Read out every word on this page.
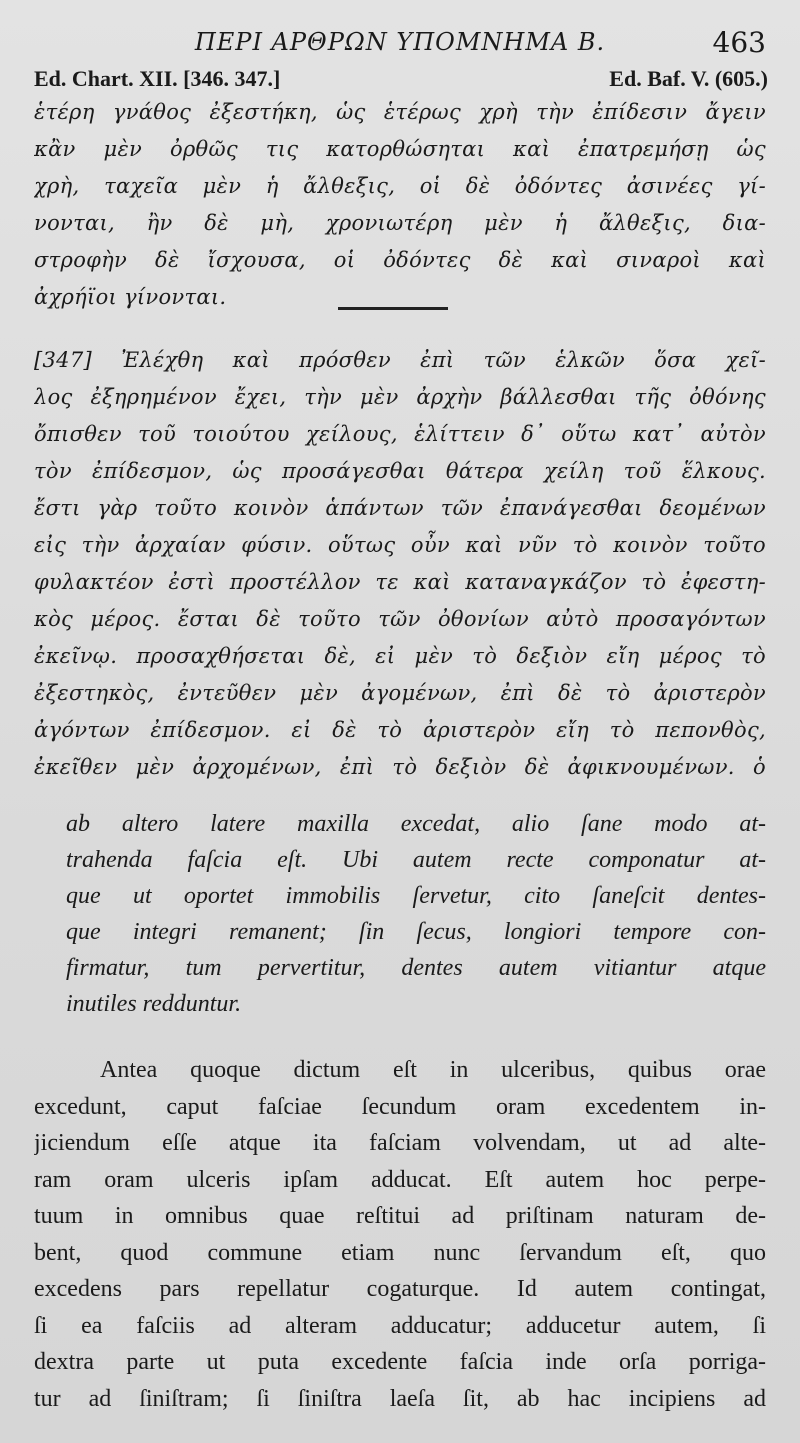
ΠΕΡΙ ΑΡΘΡΩΝ ΥΠΟΜΝΗΜΑ Β.	463
Ed. Chart. XII. [346. 347.]	Ed. Baf. V. (605.)
ἑτέρη γνάθος ἐξεστήκη, ὡς ἑτέρως χρὴ τὴν ἐπίδεσιν ἄγειν
κἂν μὲν ὀρθῶς τις κατορθώσηται καὶ ἐπατρεμήσῃ ὡς
χρὴ, ταχεῖα μὲν ἡ ἄλθεξις, οἱ δὲ ὀδόντες ἀσινέες γί-
νονται, ἢν δὲ μὴ, χρονιωτέρη μὲν ἡ ἄλθεξις, δια-
στροφὴν δὲ ἴσχουσα, οἱ ὀδόντες δὲ καὶ σιναροὶ καὶ
ἀχρήϊοι γίνονται.
[347] Ἐλέχθη καὶ πρόσθεν ἐπὶ τῶν ἑλκῶν ὅσα χεῖ-
λος ἐξηρημένον ἔχει, τὴν μὲν ἀρχὴν βάλλεσθαι τῆς ὀθόνης
ὄπισθεν τοῦ τοιούτου χείλους, ἑλίττειν δ᾽ οὕτω κατ᾽ αὐτὸν
τὸν ἐπίδεσμον, ὡς προσάγεσθαι θάτερα χείλη τοῦ ἕλκους.
ἔστι γὰρ τοῦτο κοινὸν ἁπάντων τῶν ἐπανάγεσθαι δεομένων
εἰς τὴν ἀρχαίαν φύσιν. οὕτως οὖν καὶ νῦν τὸ κοινὸν τοῦτο
φυλακτέον ἐστὶ προστέλλον τε καὶ καταναγκάζον τὸ ἐφεστη-
κὸς μέρος. ἔσται δὲ τοῦτο τῶν ὀθονίων αὐτὸ προσαγόντων
ἐκεῖνῳ. προσαχθήσεται δὲ, εἰ μὲν τὸ δεξιὸν εἴη μέρος τὸ
ἐξεστηκὸς, ἐντεῦθεν μὲν ἀγομένων, ἐπὶ δὲ τὸ ἀριστερὸν
ἀγόντων ἐπίδεσμον. εἰ δὲ τὸ ἀριστερὸν εἴη τὸ πεπονθὸς,
ἐκεῖθεν μὲν ἀρχομένων, ἐπὶ τὸ δεξιὸν δὲ ἀφικνουμένων. ὁ
ab altero latere maxilla excedat, alio ſane modo at-
trahenda faſcia eſt. Ubi autem recte componatur at-
que ut oportet immobilis ſervetur, cito ſaneſcit dentes-
que integri remanent; ſin ſecus, longiori tempore con-
firmatur, tum pervertitur, dentes autem vitiantur atque
inutiles redduntur.
Antea quoque dictum eſt in ulceribus, quibus orae
excedunt, caput faſciae ſecundum oram excedentem in-
jiciendum eſſe atque ita faſciam volvendam, ut ad alte-
ram oram ulceris ipſam adducat. Eſt autem hoc perpe-
tuum in omnibus quae reſtitui ad priſtinam naturam de-
bent, quod commune etiam nunc ſervandum eſt, quo
excedens pars repellatur cogaturque. Id autem contingat,
ſi ea faſciis ad alteram adducatur; adducetur autem, ſi
dextra parte ut puta excedente faſcia inde orſa porriga-
tur ad ſiniſtram; ſi ſiniſtra laeſa ſit, ab hac incipiens ad
